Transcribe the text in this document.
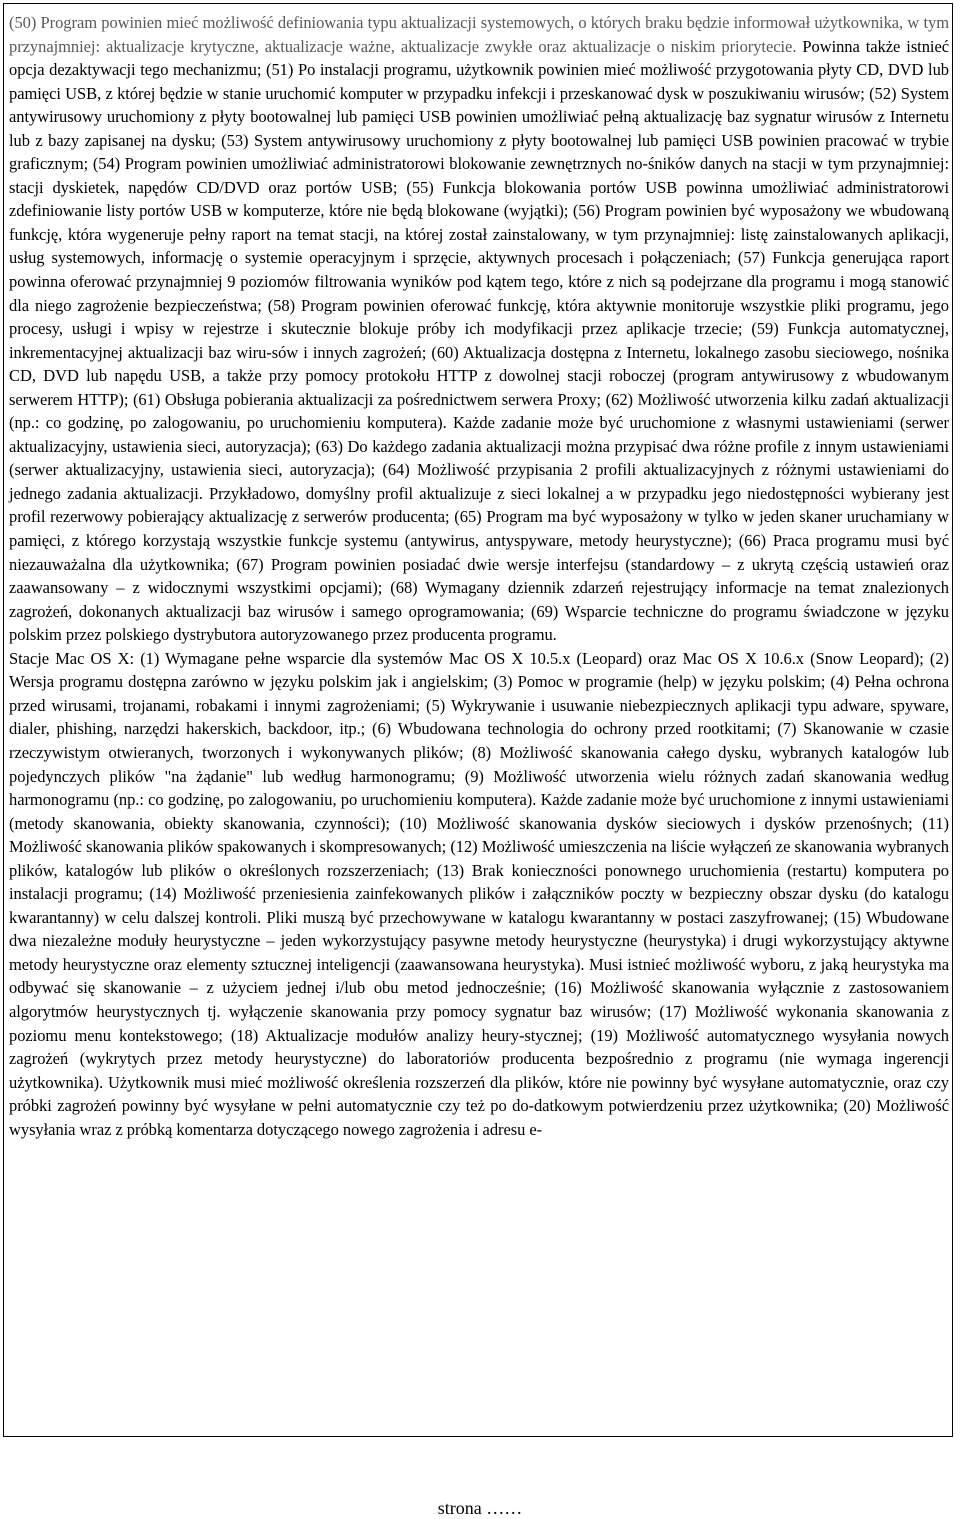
(50) Program powinien mieć możliwość definiowania typu aktualizacji systemowych, o których braku będzie informował użytkownika, w tym przynajmniej: aktualizacje krytyczne, aktualizacje ważne, aktualizacje zwykłe oraz aktualizacje o niskim priorytecie. Powinna także istnieć opcja dezaktywacji tego mechanizmu; (51) Po instalacji programu, użytkownik powinien mieć możliwość przygotowania płyty CD, DVD lub pamięci USB, z której będzie w stanie uruchomić komputer w przypadku infekcji i przeskanować dysk w poszukiwaniu wirusów; (52) System antywirusowy uruchomiony z płyty bootowalnej lub pamięci USB powinien umożliwiać pełną aktualizację baz sygnatur wirusów z Internetu lub z bazy zapisanej na dysku; (53) System antywirusowy uruchomiony z płyty bootowalnej lub pamięci USB powinien pracować w trybie graficznym; (54) Program powinien umożliwiać administratorowi blokowanie zewnętrznych no-śników danych na stacji w tym przynajmniej: stacji dyskietek, napędów CD/DVD oraz portów USB; (55) Funkcja blokowania portów USB powinna umożliwiać administratorowi zdefiniowanie listy portów USB w komputerze, które nie będą blokowane (wyjątki); (56) Program powinien być wyposażony we wbudowaną funkcję, która wygeneruje pełny raport na temat stacji, na której został zainstalowany, w tym przynajmniej: listę zainstalowanych aplikacji, usług systemowych, informację o systemie operacyjnym i sprzęcie, aktywnych procesach i połączeniach; (57) Funkcja generująca raport powinna oferować przynajmniej 9 poziomów filtrowania wyników pod kątem tego, które z nich są podejrzane dla programu i mogą stanowić dla niego zagrożenie bezpieczeństwa; (58) Program powinien oferować funkcję, która aktywnie monitoruje wszystkie pliki programu, jego procesy, usługi i wpisy w rejestrze i skutecznie blokuje próby ich modyfikacji przez aplikacje trzecie; (59) Funkcja automatycznej, inkrementacyjnej aktualizacji baz wiru-sów i innych zagrożeń; (60) Aktualizacja dostępna z Internetu, lokalnego zasobu sieciowego, nośnika CD, DVD lub napędu USB, a także przy pomocy protokołu HTTP z dowolnej stacji roboczej (program antywirusowy z wbudowanym serwerem HTTP); (61) Obsługa pobierania aktualizacji za pośrednictwem serwera Proxy; (62) Możliwość utworzenia kilku zadań aktualizacji (np.: co godzinę, po zalogowaniu, po uruchomieniu komputera). Każde zadanie może być uruchomione z własnymi ustawieniami (serwer aktualizacyjny, ustawienia sieci, autoryzacja); (63) Do każdego zadania aktualizacji można przypisać dwa różne profile z innym ustawieniami (serwer aktualizacyjny, ustawienia sieci, autoryzacja); (64) Możliwość przypisania 2 profili aktualizacyjnych z różnymi ustawieniami do jednego zadania aktualizacji. Przykładowo, domyślny profil aktualizuje z sieci lokalnej a w przypadku jego niedostępności wybierany jest profil rezerwowy pobierający aktualizację z serwerów producenta; (65) Program ma być wyposażony w tylko w jeden skaner uruchamiany w pamięci, z którego korzystają wszystkie funkcje systemu (antywirus, antyspyware, metody heurystyczne); (66) Praca programu musi być niezauważalna dla użytkownika; (67) Program powinien posiadać dwie wersje interfejsu (standardowy – z ukrytą częścią ustawień oraz zaawansowany – z widocznymi wszystkimi opcjami); (68) Wymagany dziennik zdarzeń rejestrujący informacje na temat znalezionych zagrożeń, dokonanych aktualizacji baz wirusów i samego oprogramowania; (69) Wsparcie techniczne do programu świadczone w języku polskim przez polskiego dystrybutora autoryzowanego przez producenta programu.

Stacje Mac OS X: (1) Wymagane pełne wsparcie dla systemów Mac OS X 10.5.x (Leopard) oraz Mac OS X 10.6.x (Snow Leopard); (2) Wersja programu dostępna zarówno w języku polskim jak i angielskim; (3) Pomoc w programie (help) w języku polskim; (4) Pełna ochrona przed wirusami, trojanami, robakami i innymi zagrożeniami; (5) Wykrywanie i usuwanie niebezpiecznych aplikacji typu adware, spyware, dialer, phishing, narzędzi hakerskich, backdoor, itp.; (6) Wbudowana technologia do ochrony przed rootkitami; (7) Skanowanie w czasie rzeczywistym otwieranych, tworzonych i wykonywanych plików; (8) Możliwość skanowania całego dysku, wybranych katalogów lub pojedynczych plików "na żądanie" lub według harmonogramu; (9) Możliwość utworzenia wielu różnych zadań skanowania według harmonogramu (np.: co godzinę, po zalogowaniu, po uruchomieniu komputera). Każde zadanie może być uruchomione z innymi ustawieniami (metody skanowania, obiekty skanowania, czynności); (10) Możliwość skanowania dysków sieciowych i dysków przenośnych; (11) Możliwość skanowania plików spakowanych i skompresowanych; (12) Możliwość umieszczenia na liście wyłączeń ze skanowania wybranych plików, katalogów lub plików o określonych rozszerzeniach; (13) Brak konieczności ponownego uruchomienia (restartu) komputera po instalacji programu; (14) Możliwość przeniesienia zainfekowanych plików i załączników poczty w bezpieczny obszar dysku (do katalogu kwarantanny) w celu dalszej kontroli. Pliki muszą być przechowywane w katalogu kwarantanny w postaci zaszyfrowanej; (15) Wbudowane dwa niezależne moduły heurystyczne – jeden wykorzystujący pasywne metody heurystyczne (heurystyka) i drugi wykorzystujący aktywne metody heurystyczne oraz elementy sztucznej inteligencji (zaawansowana heurystyka). Musi istnieć możliwość wyboru, z jaką heurystyka ma odbywać się skanowanie – z użyciem jednej i/lub obu metod jednocześnie; (16) Możliwość skanowania wyłącznie z zastosowaniem algorytmów heurystycznych tj. wyłączenie skanowania przy pomocy sygnatur baz wirusów; (17) Możliwość wykonania skanowania z poziomu menu kontekstowego; (18) Aktualizacje modułów analizy heury-stycznej; (19) Możliwość automatycznego wysyłania nowych zagrożeń (wykrytych przez metody heurystyczne) do laboratoriów producenta bezpośrednio z programu (nie wymaga ingerencji użytkownika). Użytkownik musi mieć możliwość określenia rozszerzeń dla plików, które nie powinny być wysyłane automatycznie, oraz czy próbki zagrożeń powinny być wysyłane w pełni automatycznie czy też po do-datkowym potwierdzeniu przez użytkownika; (20) Możliwość wysyłania wraz z próbką komentarza dotyczącego nowego zagrożenia i adresu e-

strona ……
